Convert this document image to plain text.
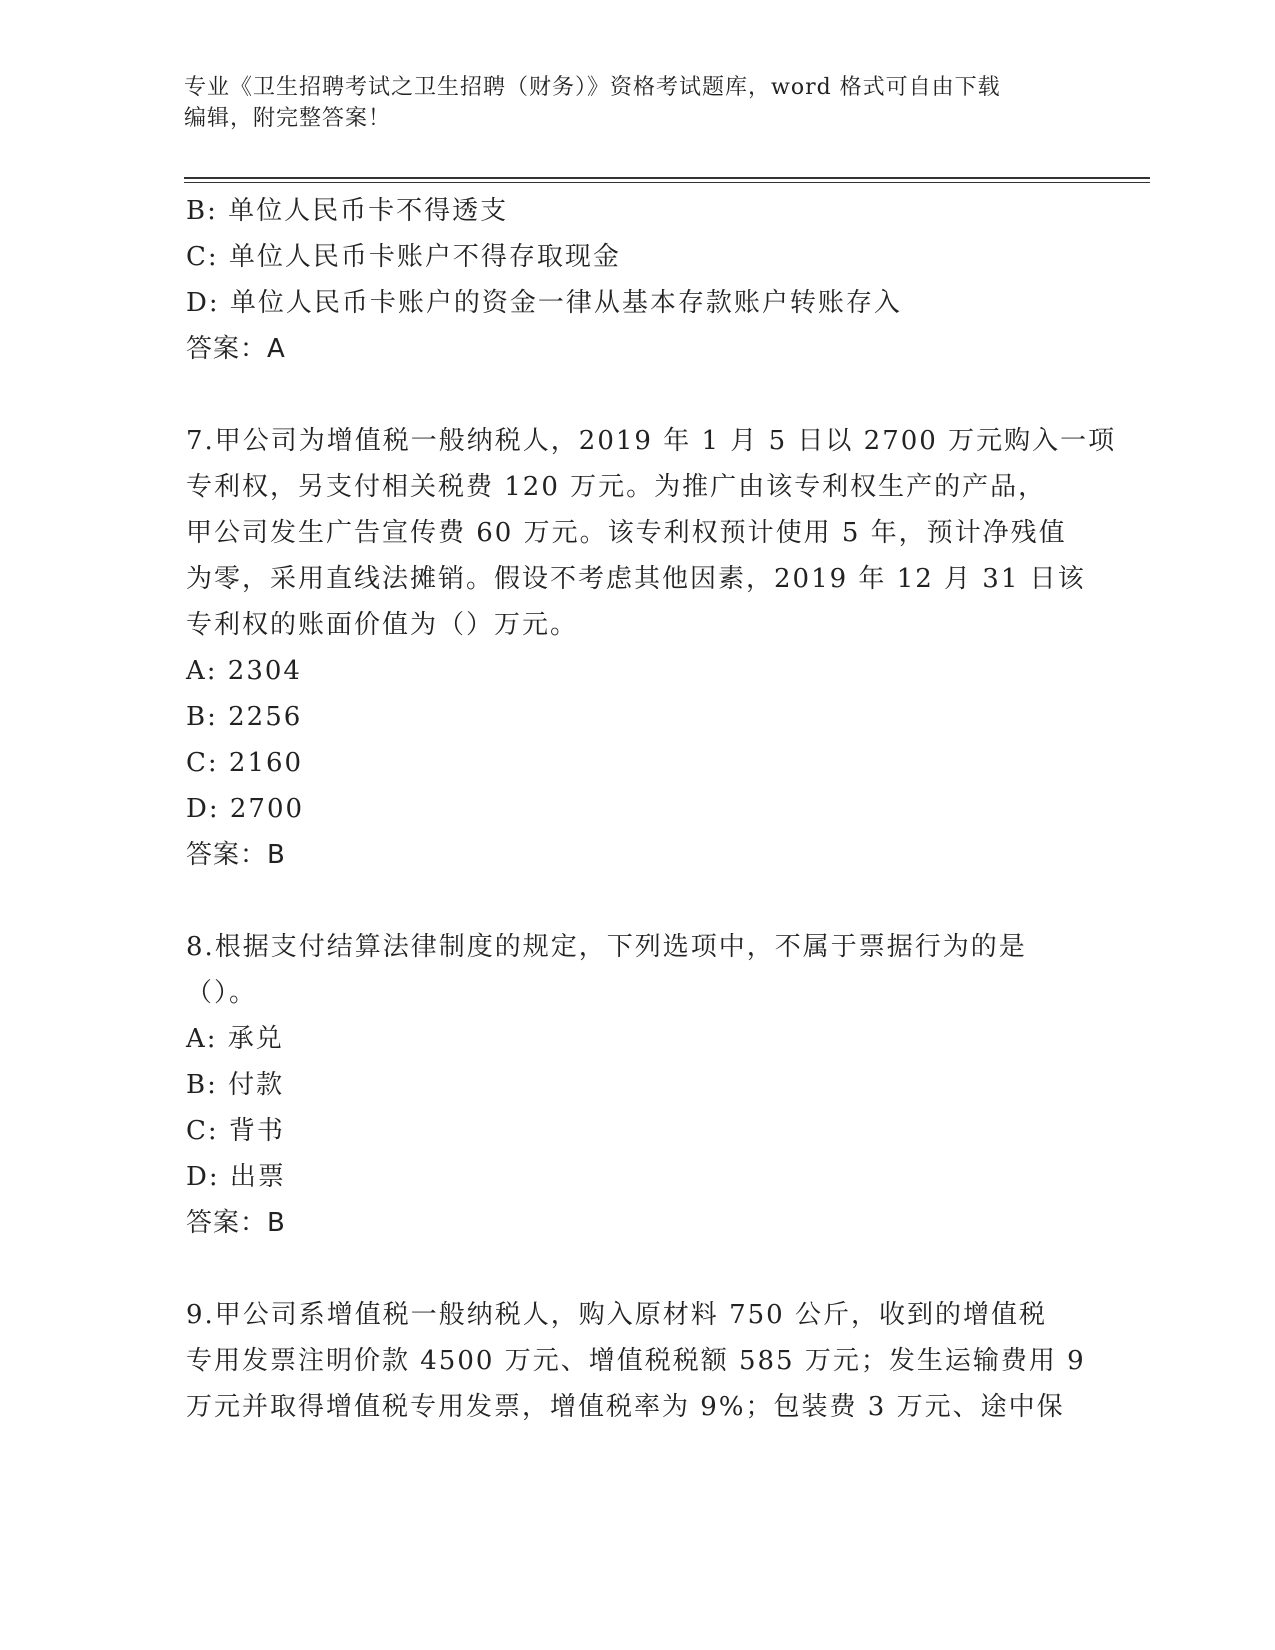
专业《卫生招聘考试之卫生招聘（财务）》资格考试题库，word 格式可自由下载
编辑，附完整答案！
B: 单位人民币卡不得透支
C: 单位人民币卡账户不得存取现金
D: 单位人民币卡账户的资金一律从基本存款账户转账存入
答案：A
7.甲公司为增值税一般纳税人，2019 年 1 月 5 日以 2700 万元购入一项
专利权，另支付相关税费 120 万元。为推广由该专利权生产的产品，
甲公司发生广告宣传费 60 万元。该专利权预计使用 5 年，预计净残值
为零，采用直线法摊销。假设不考虑其他因素，2019 年 12 月 31 日该
专利权的账面价值为（）万元。
A: 2304
B: 2256
C: 2160
D: 2700
答案：B
8.根据支付结算法律制度的规定，下列选项中，不属于票据行为的是
（）。
A: 承兑
B: 付款
C: 背书
D: 出票
答案：B
9.甲公司系增值税一般纳税人，购入原材料 750 公斤，收到的增值税
专用发票注明价款 4500 万元、增值税税额 585 万元；发生运输费用 9
万元并取得增值税专用发票，增值税率为 9%；包装费 3 万元、途中保
